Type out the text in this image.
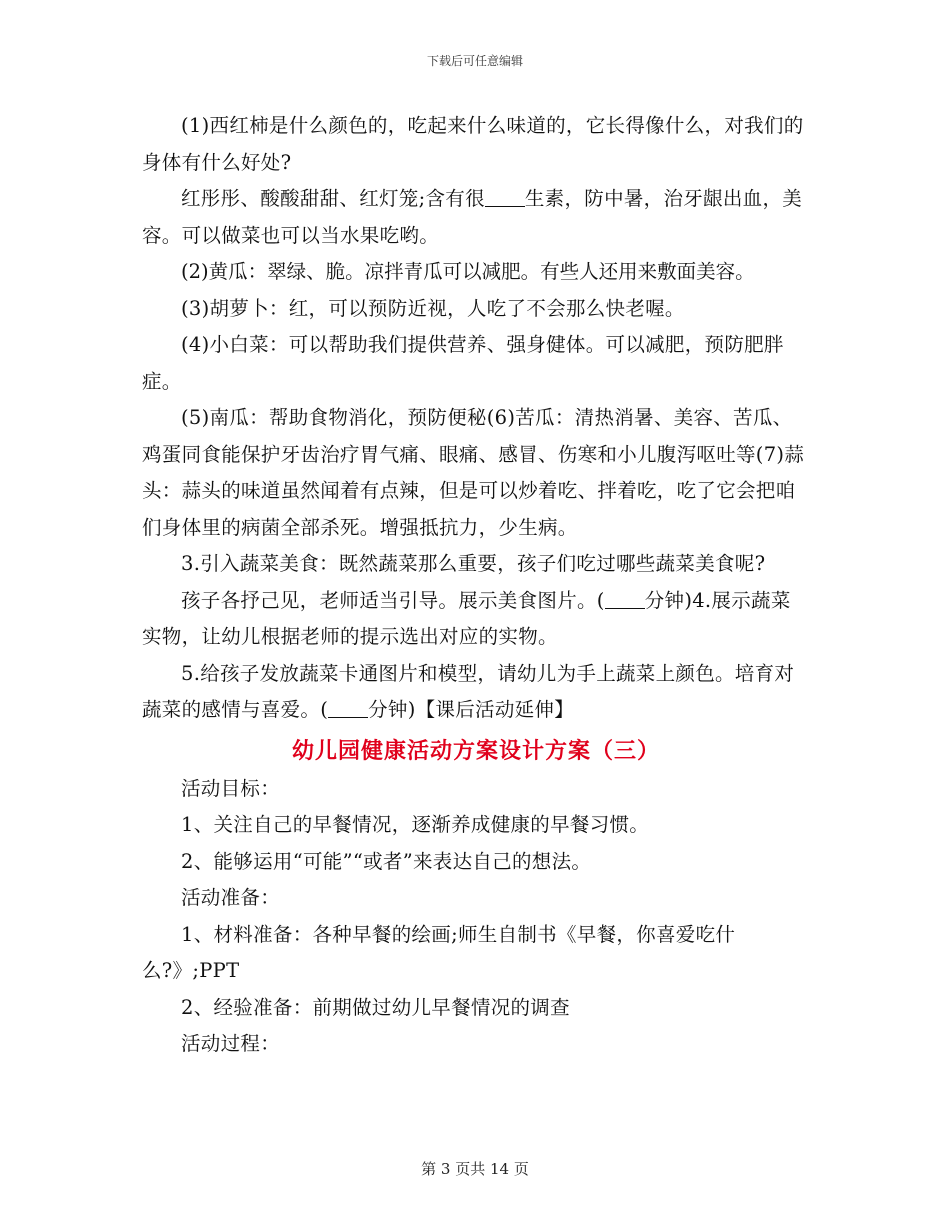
下载后可任意编辑

(1)西红柿是什么颜色的，吃起来什么味道的，它长得像什么，对我们的身体有什么好处?

红彤彤、酸酸甜甜、红灯笼;含有很 生素，防中暑，治牙龈出血，美容。可以做菜也可以当水果吃哟。

(2)黄瓜：翠绿、脆。凉拌青瓜可以减肥。有些人还用来敷面美容。

(3)胡萝卜：红，可以预防近视，人吃了不会那么快老喔。

(4)小白菜：可以帮助我们提供营养、强身健体。可以减肥，预防肥胖症。

(5)南瓜：帮助食物消化，预防便秘(6)苦瓜：清热消暑、美容、苦瓜、鸡蛋同食能保护牙齿治疗胃气痛、眼痛、感冒、伤寒和小儿腹泻呕吐等(7)蒜头：蒜头的味道虽然闻着有点辣，但是可以炒着吃、拌着吃，吃了它会把咱们身体里的病菌全部杀死。增强抵抗力，少生病。

3.引入蔬菜美食：既然蔬菜那么重要，孩子们吃过哪些蔬菜美食呢?

孩子各抒己见，老师适当引导。展示美食图片。( 分钟)4.展示蔬菜实物，让幼儿根据老师的提示选出对应的实物。

5.给孩子发放蔬菜卡通图片和模型，请幼儿为手上蔬菜上颜色。培育对蔬菜的感情与喜爱。( 分钟)【课后活动延伸】

幼儿园健康活动方案设计方案（三）

活动目标：

1、关注自己的早餐情况，逐渐养成健康的早餐习惯。

2、能够运用“可能”“或者”来表达自己的想法。

活动准备：

1、材料准备：各种早餐的绘画;师生自制书《早餐，你喜爱吃什么?》;PPT

2、经验准备：前期做过幼儿早餐情况的调查

活动过程：

第 3 页共 14 页
